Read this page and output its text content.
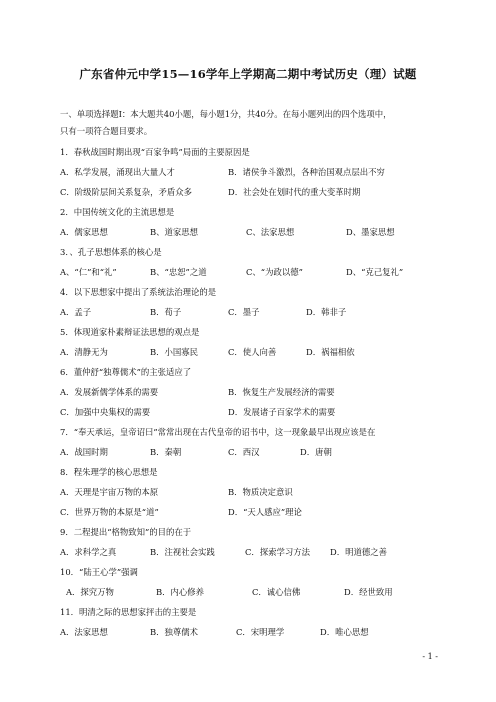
广东省仲元中学15—16学年上学期高二期中考试历史（理）试题
一、单项选择题Ⅰ：本大题共40小题，每小题1分，共40分。在每小题列出的四个选项中，
只有一项符合题目要求。
1．春秋战国时期出现“百家争鸣”局面的主要原因是
A．私学发展，涌现出大量人才	B．诸侯争斗激烈，各种治国观点层出不穷
C．阶级阶层间关系复杂，矛盾众多	D．社会处在划时代的重大变革时期
2．中国传统文化的主流思想是
A．儒家思想	B、道家思想	C、法家思想	D、墨家思想
3．、孔子思想体系的核心是
A、“仁”和“礼”	B、“忠恕”之道	C、“为政以德”	D、“克己复礼”
4．以下思想家中提出了系统法治理论的是
A．孟子	B．荀子	C．墨子	D．韩非子
5．体现道家朴素辩证法思想的观点是
A．清静无为	B．小国寡民	C．使人向善	D．祸福相依
6．董仲舒“独尊儒术”的主张适应了
A．发展新儒学体系的需要	B．恢复生产发展经济的需要
C．加强中央集权的需要	D．发展诸子百家学术的需要
7．“奉天承运，皇帝诏曰”常常出现在古代皇帝的诏书中，这一现象最早出现应该是在
A．战国时期	B．秦朝	C．西汉	D．唐朝
8．程朱理学的核心思想是
A．天理是宇宙万物的本原	B．物质决定意识
C．世界万物的本原是“道”	D．“天人感应”理论
9．二程提出“格物致知”的目的在于
A．求科学之真	B．注视社会实践	C．探索学习方法 D．明道德之善
10．“陆王心学”强调
A．探究万物	B．内心修养	C．诚心信佛	D．经世致用
11．明清之际的思想家抨击的主要是
A．法家思想	B．独尊儒术	C．宋明理学	D．唯心思想
- 1 -
